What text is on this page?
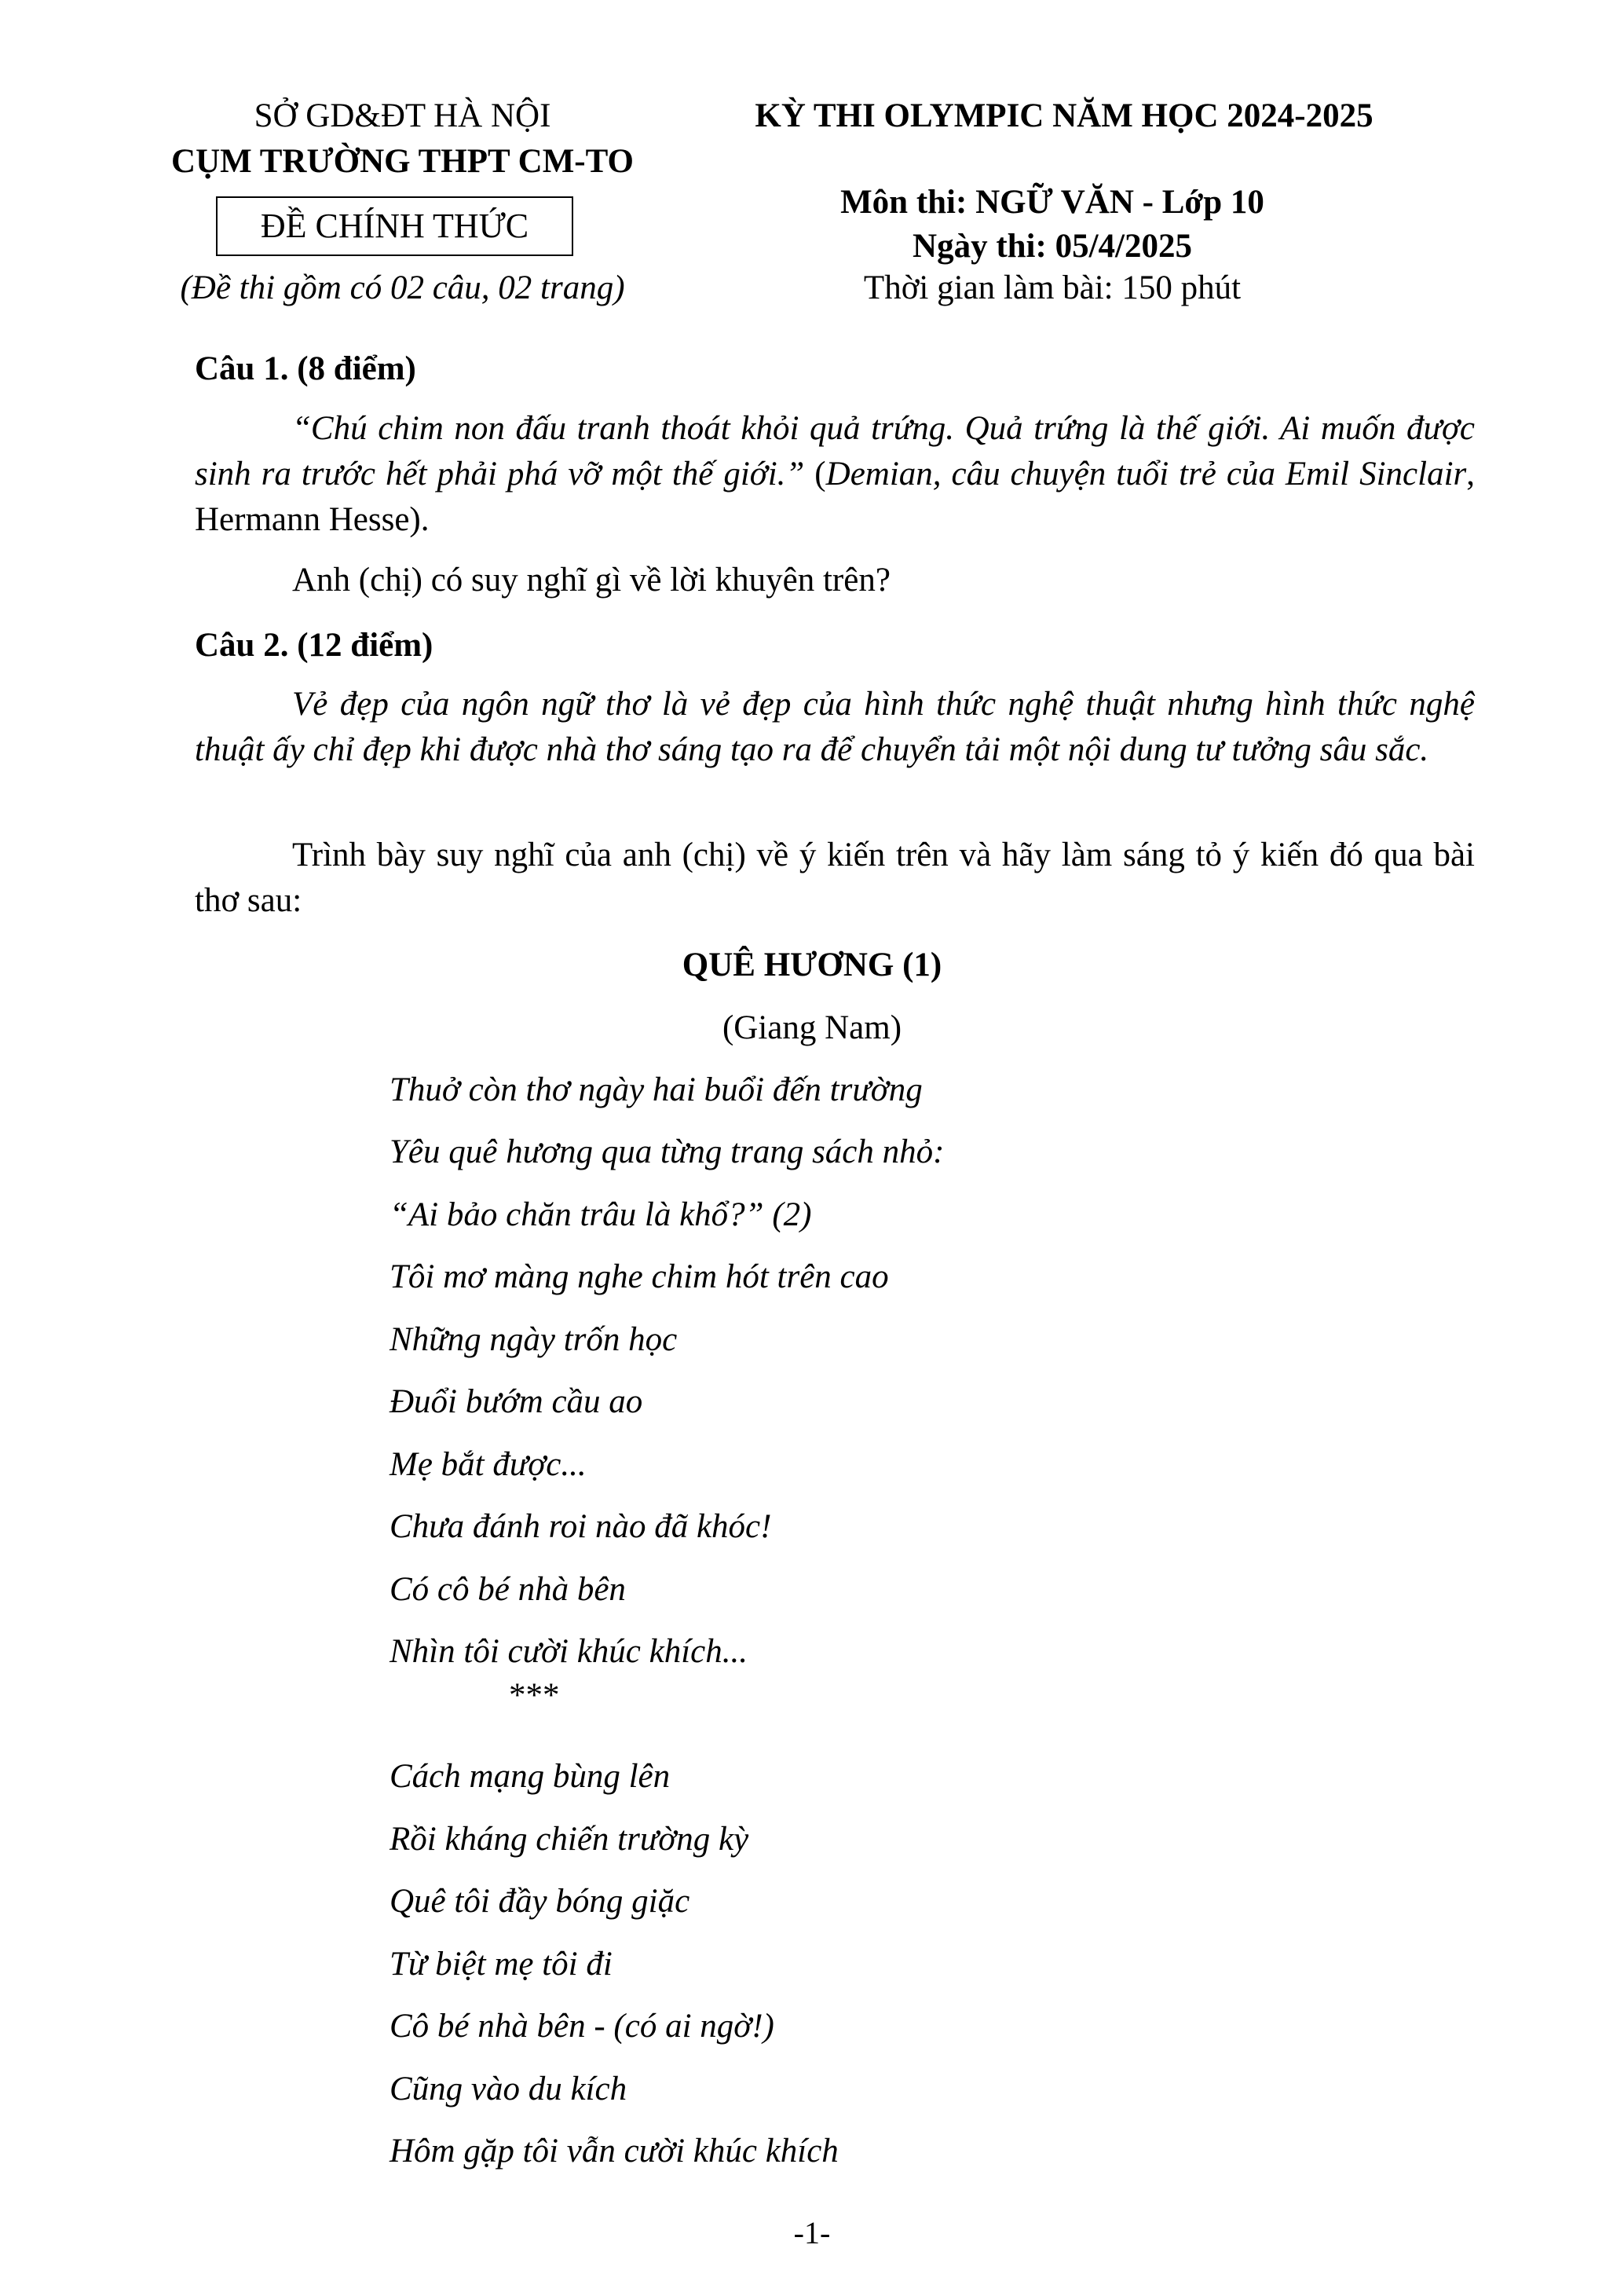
SỞ GD&ĐT HÀ NỘI
CỤM TRƯỜNG THPT CM-TO
ĐỀ CHÍNH THỨC
(Đề thi gồm có 02 câu, 02 trang)
KỲ THI OLYMPIC NĂM HỌC 2024-2025
Môn thi: NGỮ VĂN - Lớp 10
Ngày thi: 05/4/2025
Thời gian làm bài: 150 phút
Câu 1. (8 điểm)
“Chú chim non đấu tranh thoát khỏi quả trứng. Quả trứng là thế giới. Ai muốn được sinh ra trước hết phải phá vỡ một thế giới.” (Demian, câu chuyện tuổi trẻ của Emil Sinclair, Hermann Hesse).
Anh (chị) có suy nghĩ gì về lời khuyên trên?
Câu 2. (12 điểm)
Vẻ đẹp của ngôn ngữ thơ là vẻ đẹp của hình thức nghệ thuật nhưng hình thức nghệ thuật ấy chỉ đẹp khi được nhà thơ sáng tạo ra để chuyển tải một nội dung tư tưởng sâu sắc.
Trình bày suy nghĩ của anh (chị) về ý kiến trên và hãy làm sáng tỏ ý kiến đó qua bài thơ sau:
QUÊ HƯƠNG (1)
(Giang Nam)
Thuở còn thơ ngày hai buổi đến trường
Yêu quê hương qua từng trang sách nhỏ:
“Ai bảo chăn trâu là khổ?” (2)
Tôi mơ màng nghe chim hót trên cao
Những ngày trốn học
Đuổi bướm cầu ao
Mẹ bắt được...
Chưa đánh roi nào đã khóc!
Có cô bé nhà bên
Nhìn tôi cười khúc khích...
***
Cách mạng bùng lên
Rồi kháng chiến trường kỳ
Quê tôi đầy bóng giặc
Từ biệt mẹ tôi đi
Cô bé nhà bên - (có ai ngờ!)
Cũng vào du kích
Hôm gặp tôi vẫn cười khúc khích
-1-
